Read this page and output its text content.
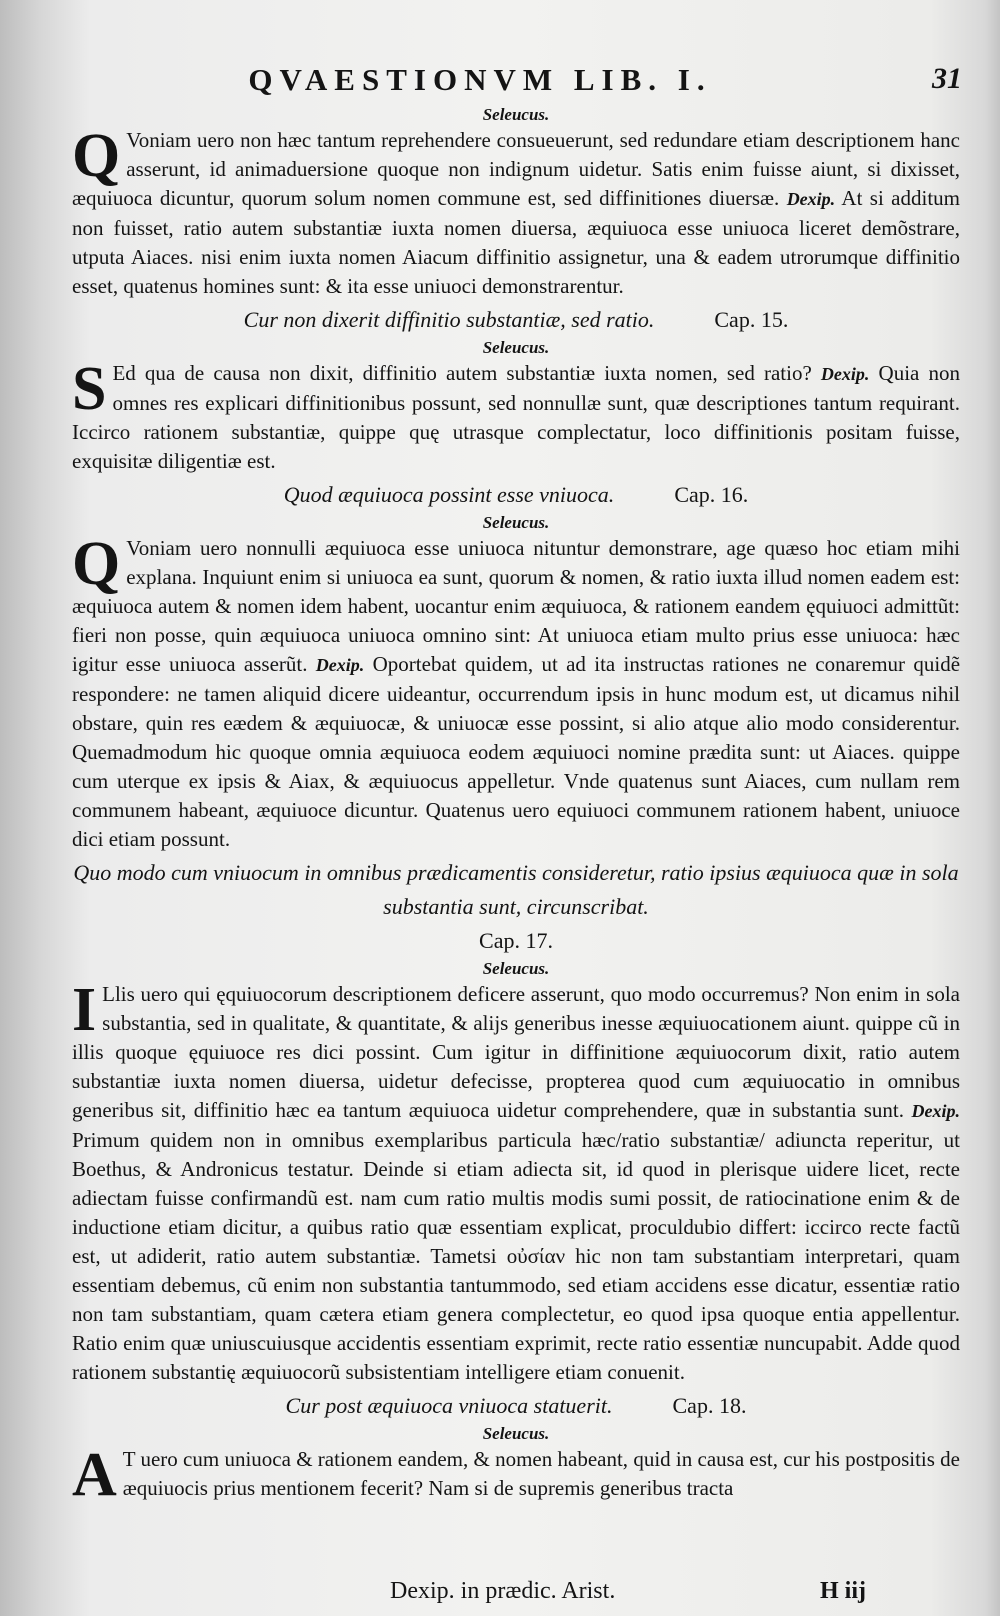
QVAESTIONVM LIB. I.	31
Seleucus.

QVoniam uero non hæc tantum reprehendere consueuerunt, sed redundare etiam descriptionem hanc asserunt, id animaduersione quoque non indignum uidetur. Satis enim fuisse aiunt, si dixisset, æquiuoca dicuntur, quorum solum nomen commune est, sed diffinitiones diuersæ. Dexip. At si additum non fuisset, ratio autem substantiæ iuxta nomen diuersa, æquiuoca esse uniuoca liceret demõstrare, utputa Aiaces. nisi enim iuxta nomen Aiacum diffinitio assignetur, una & eadem utrorumque diffinitio esset, quatenus homines sunt: & ita esse uniuoci demonstrarentur.

Cur non dixerit diffinitio substantiæ, sed ratio.	Cap. 15.
Seleucus.

SEd qua de causa non dixit, diffinitio autem substantiæ iuxta nomen, sed ratio? Dexip. Quia non omnes res explicari diffinitionibus possunt, sed nonnullæ sunt, quæ descriptiones tantum requirant. Iccirco rationem substantiæ, quippe quę utrasque complectatur, loco diffinitionis positam fuisse, exquisitæ diligentiæ est.

Quod æquiuoca possint esse vniuoca.	Cap. 16.
Seleucus.

QVoniam uero nonnulli æquiuoca esse uniuoca nituntur demonstrare, age quæso hoc etiam mihi explana. Inquiunt enim si uniuoca ea sunt, quorum & nomen, & ratio iuxta illud nomen eadem est: æquiuoca autem & nomen idem habent, uocantur enim æquiuoca, & rationem eandem ęquiuoci admittũt: fieri non posse, quin æquiuoca uniuoca omnino sint: At uniuoca etiam multo prius esse uniuoca: hæc igitur esse uniuoca asserũt. Dexip. Oportebat quidem, ut ad ita instructas rationes ne conaremur quidẽ respondere: ne tamen aliquid dicere uideantur, occurrendum ipsis in hunc modum est, ut dicamus nihil obstare, quin res eædem & æquiuocæ, & uniuocæ esse possint, si alio atque alio modo considerentur. Quemadmodum hic quoque omnia æquiuoca eodem æquiuoci nomine prædita sunt: ut Aiaces. quippe cum uterque ex ipsis & Aiax, & æquiuocus appelletur. Vnde quatenus sunt Aiaces, cum nullam rem communem habeant, æquiuoce dicuntur. Quatenus uero equiuoci communem rationem habent, uniuoce dici etiam possunt.

Quo modo cum vniuocum in omnibus prædicamentis consideretur, ratio ipsius æquiuoca quæ in sola substantia sunt, circunscribat.
Cap. 17.
Seleucus.

ILlis uero qui ęquiuocorum descriptionem deficere asserunt, quo modo occurremus? Non enim in sola substantia, sed in qualitate, & quantitate, & alijs generibus inesse æquiuocationem aiunt. quippe cũ in illis quoque ęquiuoce res dici possint. Cum igitur in diffinitione æquiuocorum dixit, ratio autem substantiæ iuxta nomen diuersa, uidetur defecisse, propterea quod cum æquiuocatio in omnibus generibus sit, diffinitio hæc ea tantum æquiuoca uidetur comprehendere, quæ in substantia sunt. Dexip. Primum quidem non in omnibus exemplaribus particula hæc/ratio substantiæ/ adiuncta reperitur, ut Boethus, & Andronicus testatur. Deinde si etiam adiecta sit, id quod in plerisque uidere licet, recte adiectam fuisse confirmandũ est. nam cum ratio multis modis sumi possit, de ratiocinatione enim & de inductione etiam dicitur, a quibus ratio quæ essentiam explicat, proculdubio differt: iccirco recte factũ est, ut adiderit, ratio autem substantiæ. Tametsi οὐσίαν hic non tam substantiam interpretari, quam essentiam debemus, cũ enim non substantia tantummodo, sed etiam accidens esse dicatur, essentiæ ratio non tam substantiam, quam cætera etiam genera complectetur, eo quod ipsa quoque entia appellentur. Ratio enim quæ uniuscuiusque accidentis essentiam exprimit, recte ratio essentiæ nuncupabit. Adde quod rationem substantię æquiuocorũ subsistentiam intelligere etiam conuenit.

Cur post æquiuoca vniuoca statuerit.	Cap. 18.
Seleucus.

AT uero cum uniuoca & rationem eandem, & nomen habeant, quid in causa est, cur his postpositis de æquiuocis prius mentionem fecerit? Nam si de supremis generibus tracta

Dexip. in prædic. Arist.	H iij
